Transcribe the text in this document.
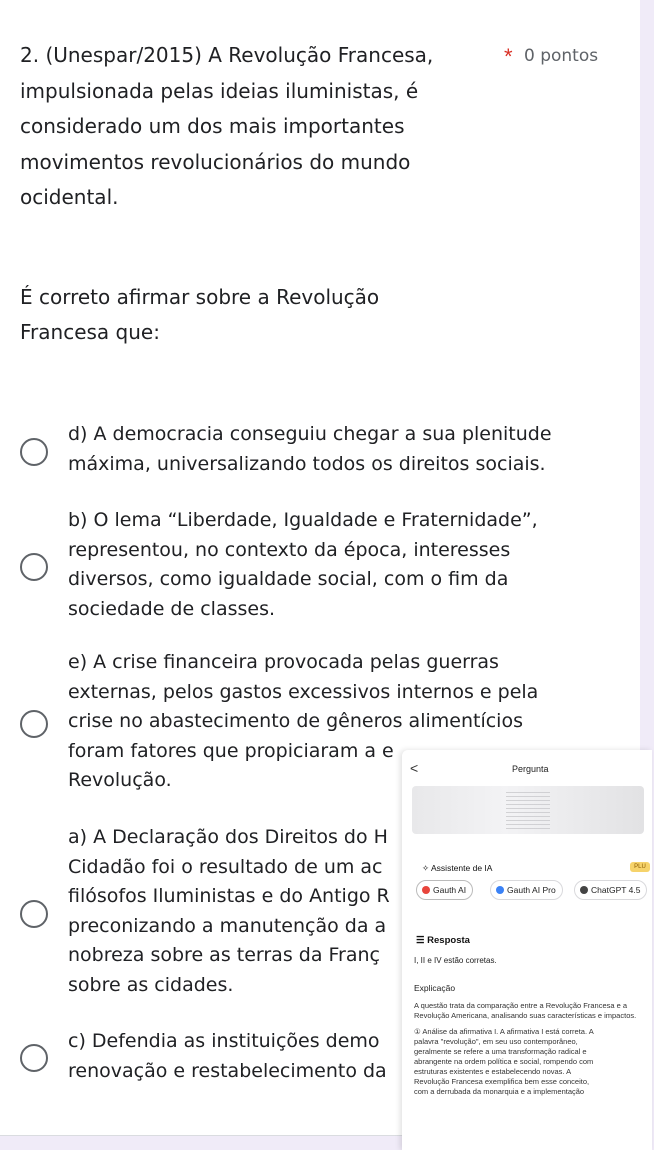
2. (Unespar/2015) A Revolução Francesa,
impulsionada pelas ideias iluministas, é
considerado um dos mais importantes
movimentos revolucionários do mundo
ocidental.
* 0 pontos
É correto afirmar sobre a Revolução
Francesa que:
d) A democracia conseguiu chegar a sua plenitude
máxima, universalizando todos os direitos sociais.
b) O lema “Liberdade, Igualdade e Fraternidade”,
representou, no contexto da época, interesses
diversos, como igualdade social, com o fim da
sociedade de classes.
e) A crise financeira provocada pelas guerras
externas, pelos gastos excessivos internos e pela
crise no abastecimento de gêneros alimentícios
foram fatores que propiciaram a e
Revolução.
a) A Declaração dos Direitos do H
Cidadão foi o resultado de um ac
filósofos Iluministas e do Antigo R
preconizando a manutenção da a
nobreza sobre as terras da Franç
sobre as cidades.
c) Defendia as instituições demo
renovação e restabelecimento da
<	Pergunta
✧ Assistente de IA	PLU
Gauth AI	Gauth AI Pro	ChatGPT 4.5
☰ Resposta
I, II e IV estão corretas.
Explicação
A questão trata da comparação entre a Revolução Francesa e a Revolução Americana, analisando suas características e impactos.
① Análise da afirmativa I. A afirmativa I está correta. A
palavra "revolução", em seu uso contemporâneo,
geralmente se refere a uma transformação radical e
abrangente na ordem política e social, rompendo com
estruturas existentes e estabelecendo novas. A
Revolução Francesa exemplifica bem esse conceito,
com a derrubada da monarquia e a implementação
